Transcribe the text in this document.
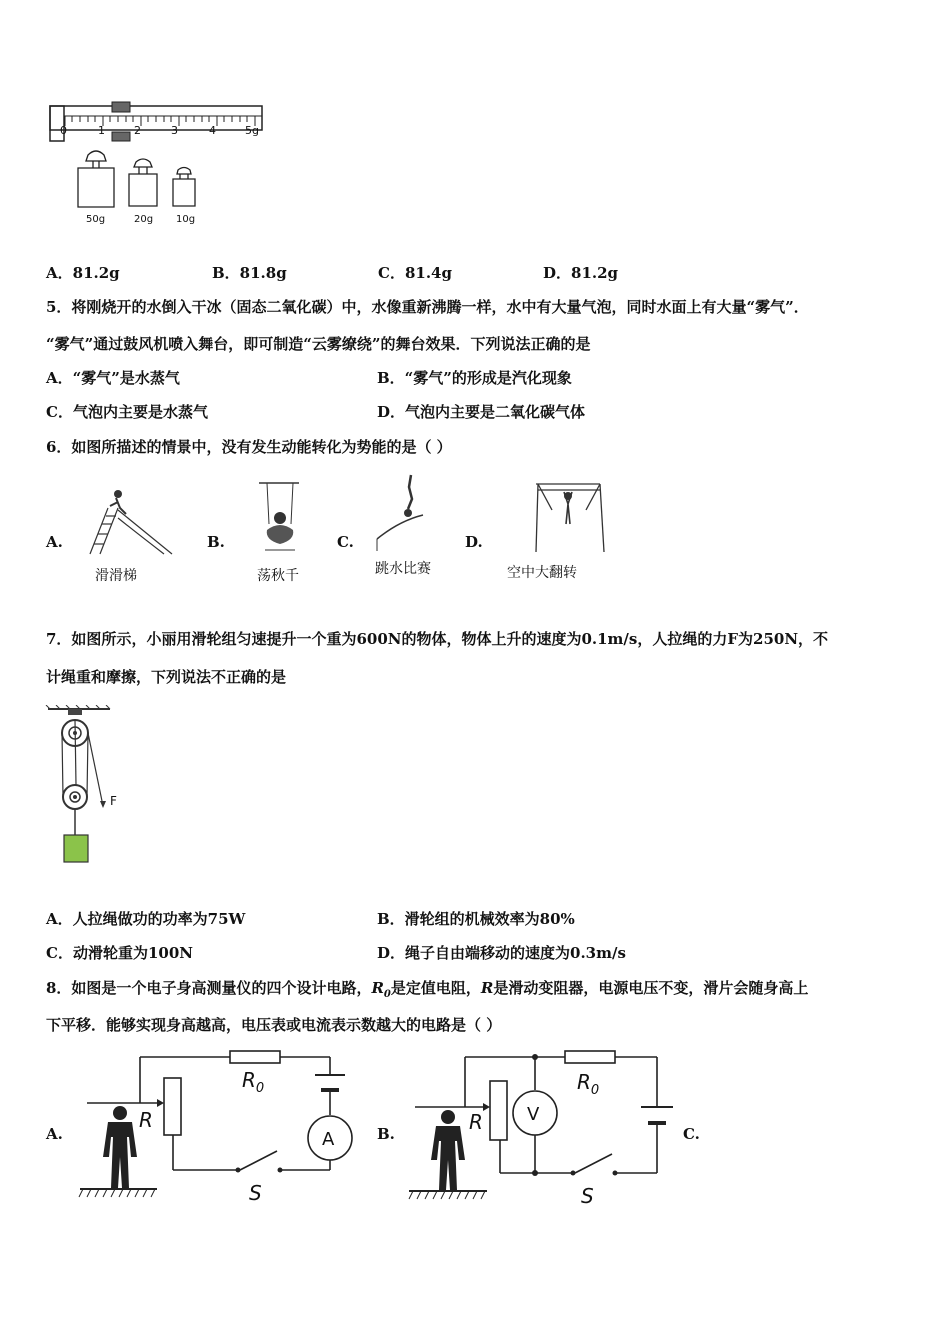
0	1	2	3	4	5g
50g	20g 10g
A．81.2g	B．81.8g	C．81.4g	D．81.2g
5．将刚烧开的水倒入干冰（固态二氧化碳）中，水像重新沸腾一样，水中有大量气泡，同时水面上有大量“雾气”．
“雾气”通过鼓风机喷入舞台，即可制造“云雾缭绕”的舞台效果．下列说法正确的是
A．“雾气”是水蒸气	B．“雾气”的形成是汽化现象
C．气泡内主要是水蒸气	D．气泡内主要是二氧化碳气体
6．如图所描述的情景中，没有发生动能转化为势能的是（ ）
A.
滑滑梯
B.
荡秋千
C.
跳水比赛
D.
空中大翻转
7．如图所示，小丽用滑轮组匀速提升一个重为600N的物体，物体上升的速度为0.1m/s，人拉绳的力F为250N，不
计绳重和摩擦，下列说法不正确的是
F
A．人拉绳做功的功率为75W	B．滑轮组的机械效率为80%
C．动滑轮重为100N	D．绳子自由端移动的速度为0.3m/s
8．如图是一个电子身高测量仪的四个设计电路，$R_0$是定值电阻，R是滑动变阻器，电源电压不变，滑片会随身高上
下平移．能够实现身高越高，电压表或电流表示数越大的电路是（ ）
A.	A
$R_0$
R
S
B.
V
$R_0$
R
S
C.
